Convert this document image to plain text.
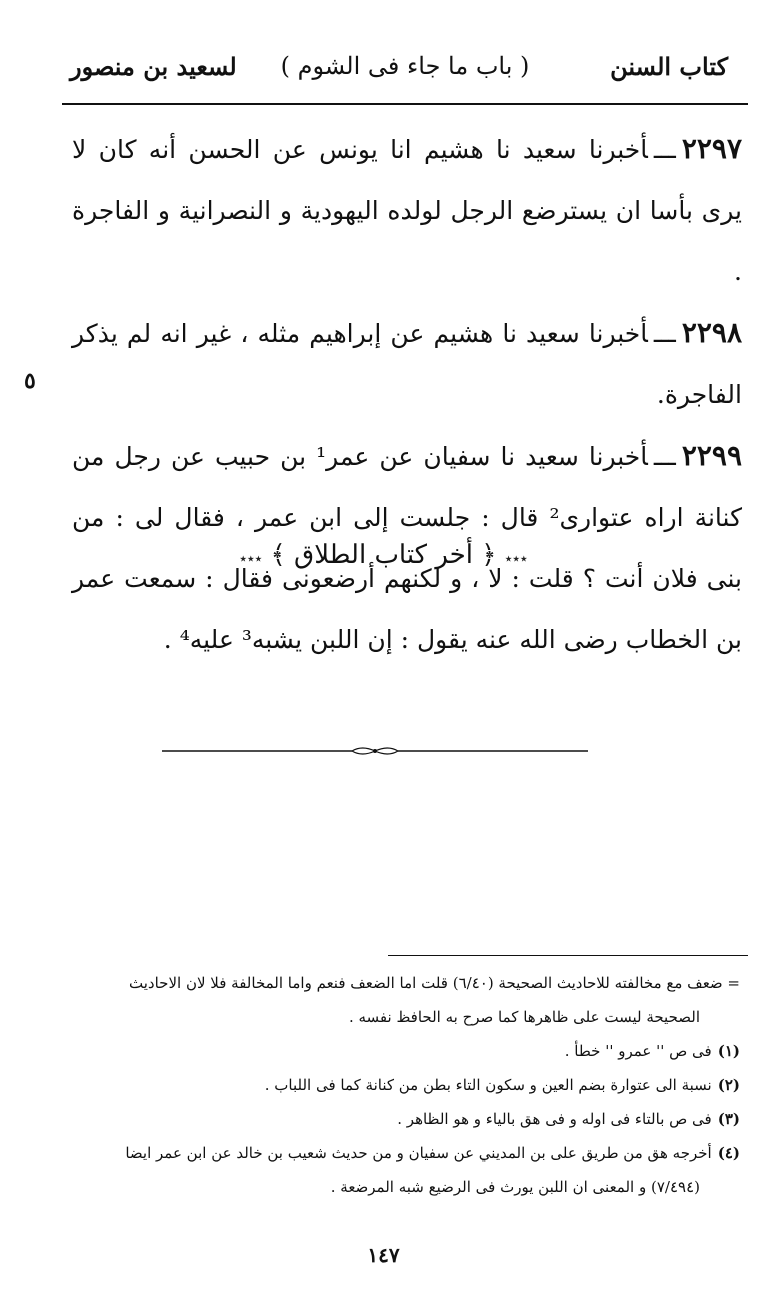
كتاب السنن
( باب ما جاء فى الشوم )
لسعيد بن منصور

٢٢٩٧ـــأخبرنا سعيد نا هشيم انا يونس عن الحسن أنه كان لا يرى بأسا ان يسترضع الرجل لولده اليهودية و النصرانية و الفاجرة .

٢٢٩٨ـــأخبرنا سعيد نا هشيم عن إبراهيم مثله ، غير انه لم يذكر الفاجرة.

٢٢٩٩ـــأخبرنا سعيد نا سفيان عن عمر¹ بن حبيب عن رجل من كنانة اراه عتوارى² قال : جلست إلى ابن عمر ، فقال لى : من بنى فلان أنت ؟ قلت : لا ، و لكنهم أرضعونى فقال : سمعت عمر بن الخطاب رضى الله عنه يقول : إن اللبن يشبه³ عليه⁴ .

٥
٭٭٭ ﴿ أخر كتاب الطلاق ﴾ ٭٭٭

= ضعف مع مخالفته للاحاديث الصحيحة (٦/٤٠) قلت اما الضعف فنعم واما المخالفة فلا لان الاحاديث

الصحيحة ليست على ظاهرها كما صرح به الحافظ نفسه .

(١)فى ص '' عمرو '' خطأ .

(٢)نسبة الى عتوارة بضم العين و سكون التاء بطن من كنانة كما فى اللباب .

(٣)فى ص بالتاء فى اوله و فى هق بالياء و هو الظاهر .

(٤)أخرجه هق من طريق على بن المديني عن سفيان و من حديث شعيب بن خالد عن ابن عمر ايضا

(٧/٤٩٤) و المعنى ان اللبن يورث فى الرضيع شبه المرضعة .

١٤٧
